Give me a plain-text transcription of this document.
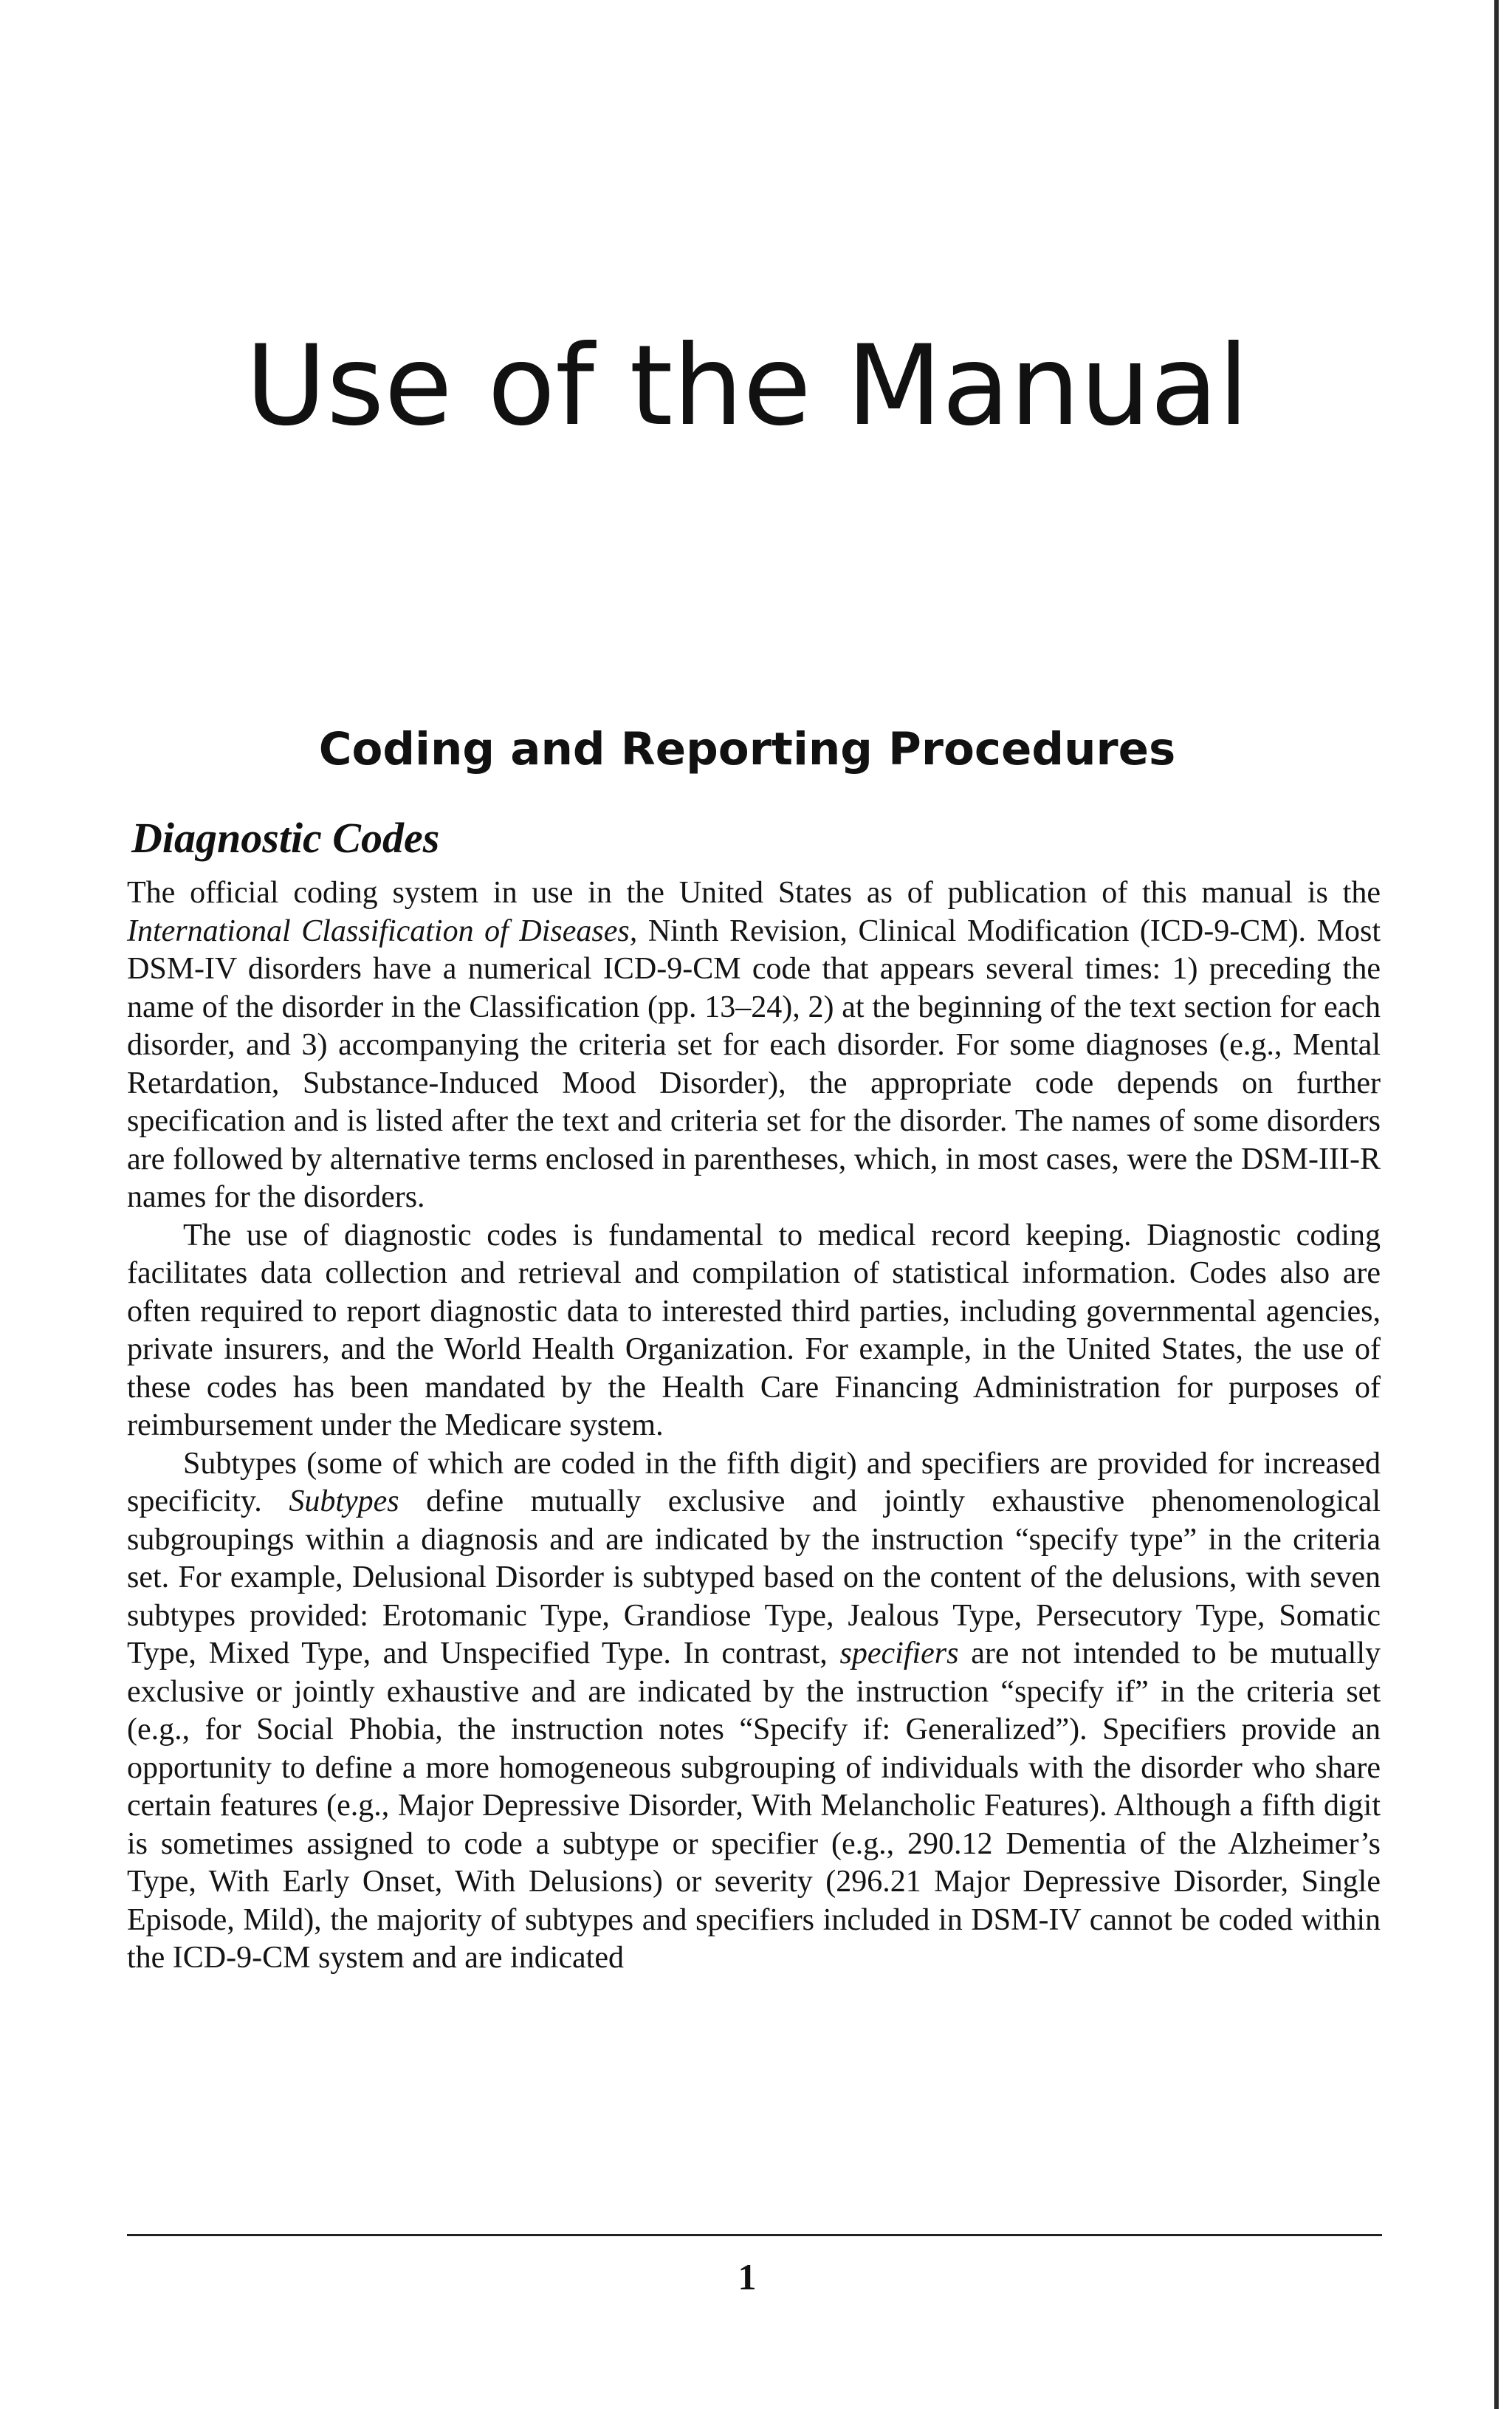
Use of the Manual
Coding and Reporting Procedures
Diagnostic Codes

The official coding system in use in the United States as of publication of this manual is the International Classification of Diseases, Ninth Revision, Clinical Modification (ICD-9-CM). Most DSM-IV disorders have a numerical ICD-9-CM code that appears several times: 1) preceding the name of the disorder in the Classification (pp. 13–24), 2) at the beginning of the text section for each disorder, and 3) accompanying the criteria set for each disorder. For some diagnoses (e.g., Mental Retardation, Substance-Induced Mood Disorder), the appropriate code depends on further specification and is listed after the text and criteria set for the disorder. The names of some disorders are followed by alternative terms enclosed in parentheses, which, in most cases, were the DSM-III-R names for the disorders.

The use of diagnostic codes is fundamental to medical record keeping. Diagnostic coding facilitates data collection and retrieval and compilation of statistical information. Codes also are often required to report diagnostic data to interested third parties, including governmental agencies, private insurers, and the World Health Organization. For example, in the United States, the use of these codes has been mandated by the Health Care Financing Administration for purposes of reimbursement under the Medicare system.

Subtypes (some of which are coded in the fifth digit) and specifiers are provided for increased specificity. Subtypes define mutually exclusive and jointly exhaustive phenomenological subgroupings within a diagnosis and are indicated by the instruction “specify type” in the criteria set. For example, Delusional Disorder is subtyped based on the content of the delusions, with seven subtypes provided: Erotomanic Type, Grandiose Type, Jealous Type, Persecutory Type, Somatic Type, Mixed Type, and Unspecified Type. In contrast, specifiers are not intended to be mutually exclusive or jointly exhaustive and are indicated by the instruction “specify if” in the criteria set (e.g., for Social Phobia, the instruction notes “Specify if: Generalized”). Specifiers provide an opportunity to define a more homogeneous subgrouping of individuals with the disorder who share certain features (e.g., Major Depressive Disorder, With Melancholic Features). Although a fifth digit is sometimes assigned to code a subtype or specifier (e.g., 290.12 Dementia of the Alzheimer’s Type, With Early Onset, With Delusions) or severity (296.21 Major Depressive Disorder, Single Episode, Mild), the majority of subtypes and specifiers included in DSM-IV cannot be coded within the ICD-9-CM system and are indicated

1
